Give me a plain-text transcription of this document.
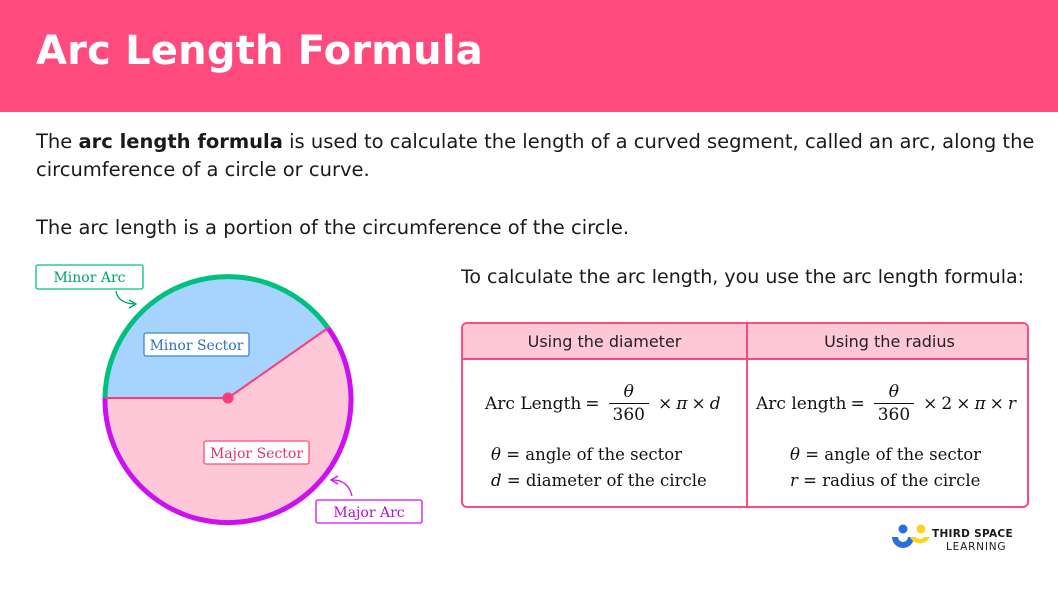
Arc Length Formula

The arc length formula is used to calculate the length of a curved segment, called an arc, along the circumference of a circle or curve.

The arc length is a portion of the circumference of the circle.

Minor Arc
Minor Sector
Major Sector
Major Arc

To calculate the arc length, you use the arc length formula:

Using the diameter	Using the radius
Arc Length = $\frac{\theta}{360} \times \pi \times d$ Arc length = $\frac{\theta}{360} \times 2 \times \pi \times r$
θ = angle of the sector
d = diameter of the circle
θ = angle of the sector
r = radius of the circle
THIRD SPACE
LEARNING
